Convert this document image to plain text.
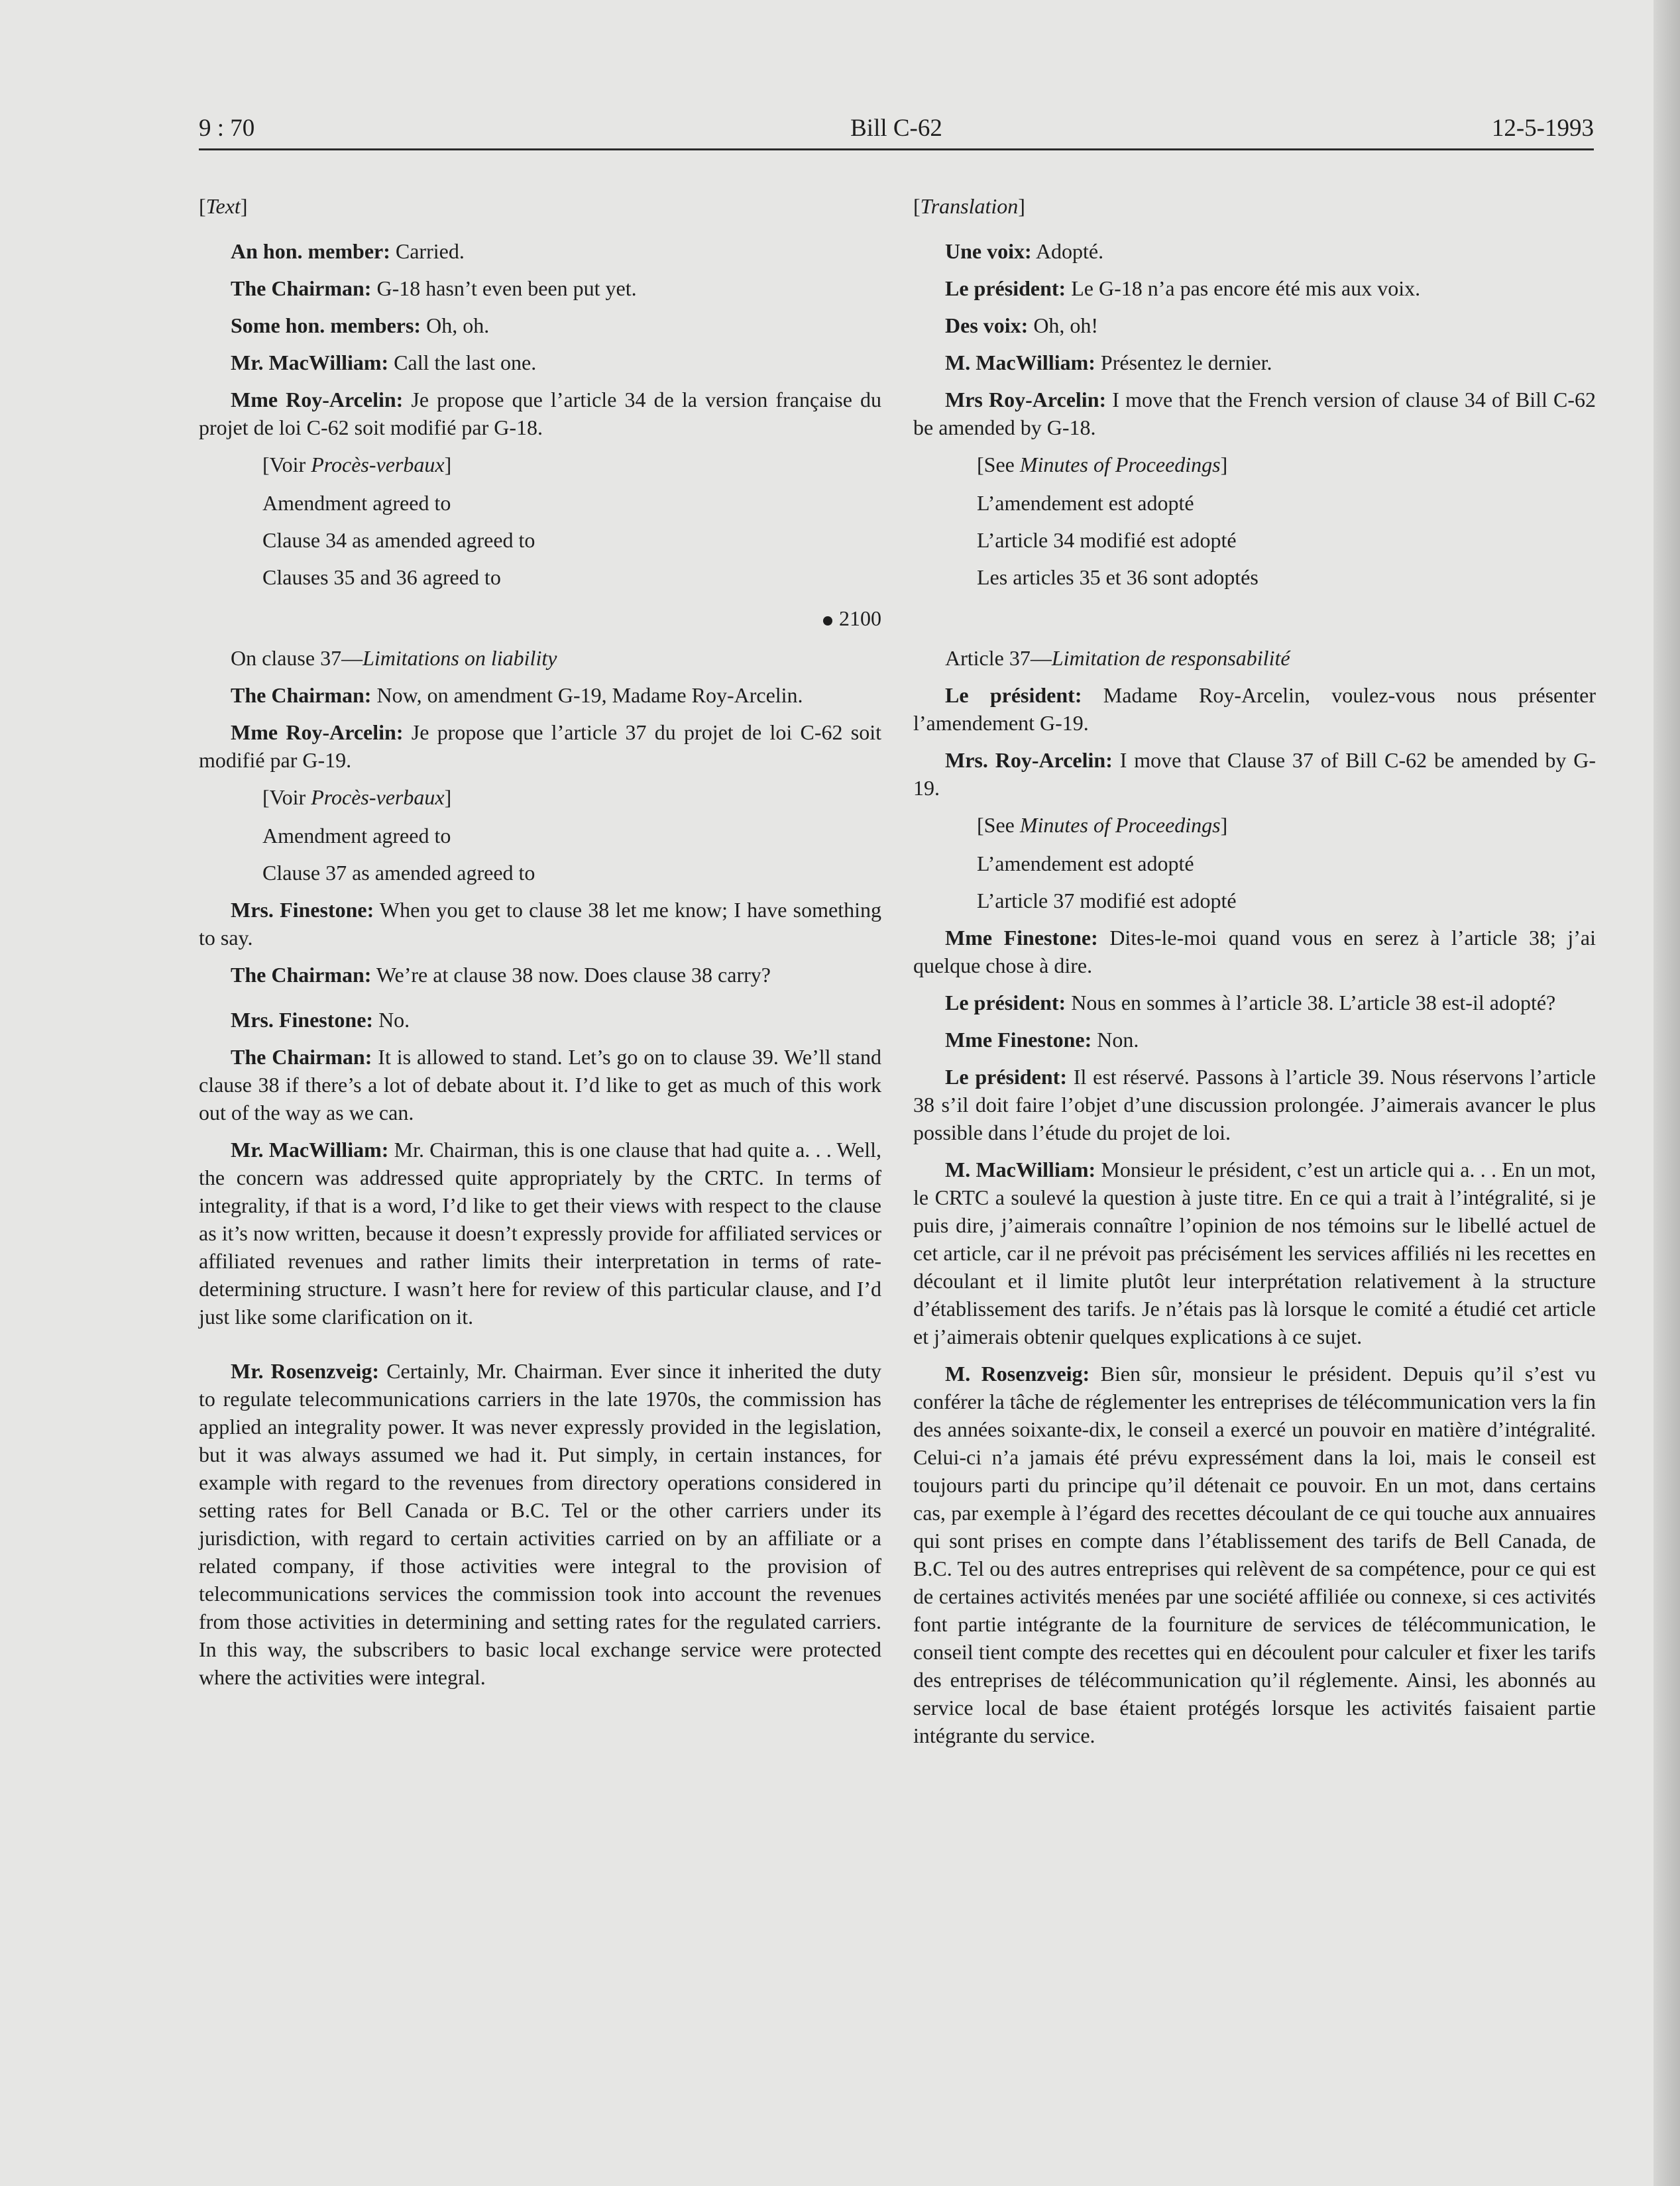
9 : 70	Bill C-62	12-5-1993

[Text]

An hon. member: Carried.

The Chairman: G-18 hasn’t even been put yet.

Some hon. members: Oh, oh.

Mr. MacWilliam: Call the last one.

Mme Roy-Arcelin: Je propose que l’article 34 de la version française du projet de loi C-62 soit modifié par G-18.

[Voir Procès-verbaux]

Amendment agreed to

Clause 34 as amended agreed to

Clauses 35 and 36 agreed to

2100

On clause 37—Limitations on liability

The Chairman: Now, on amendment G-19, Madame Roy-Arcelin.

Mme Roy-Arcelin: Je propose que l’article 37 du projet de loi C-62 soit modifié par G-19.

[Voir Procès-verbaux]

Amendment agreed to

Clause 37 as amended agreed to

Mrs. Finestone: When you get to clause 38 let me know; I have something to say.

The Chairman: We’re at clause 38 now. Does clause 38 carry?

Mrs. Finestone: No.

The Chairman: It is allowed to stand. Let’s go on to clause 39. We’ll stand clause 38 if there’s a lot of debate about it. I’d like to get as much of this work out of the way as we can.

Mr. MacWilliam: Mr. Chairman, this is one clause that had quite a. . . Well, the concern was addressed quite appropriately by the CRTC. In terms of integrality, if that is a word, I’d like to get their views with respect to the clause as it’s now written, because it doesn’t expressly provide for affiliated services or affiliated revenues and rather limits their interpretation in terms of rate-determining structure. I wasn’t here for review of this particular clause, and I’d just like some clarification on it.

Mr. Rosenzveig: Certainly, Mr. Chairman. Ever since it inherited the duty to regulate telecommunications carriers in the late 1970s, the commission has applied an integrality power. It was never expressly provided in the legislation, but it was always assumed we had it. Put simply, in certain instances, for example with regard to the revenues from directory operations considered in setting rates for Bell Canada or B.C. Tel or the other carriers under its jurisdiction, with regard to certain activities carried on by an affiliate or a related company, if those activities were integral to the provision of telecommunications services the commission took into account the revenues from those activities in determining and setting rates for the regulated carriers. In this way, the subscribers to basic local exchange service were protected where the activities were integral.

[Translation]

Une voix: Adopté.

Le président: Le G-18 n’a pas encore été mis aux voix.

Des voix: Oh, oh!

M. MacWilliam: Présentez le dernier.

Mrs Roy-Arcelin: I move that the French version of clause 34 of Bill C-62 be amended by G-18.

[See Minutes of Proceedings]

L’amendement est adopté

L’article 34 modifié est adopté

Les articles 35 et 36 sont adoptés

Article 37—Limitation de responsabilité

Le président: Madame Roy-Arcelin, voulez-vous nous présenter l’amendement G-19.

Mrs. Roy-Arcelin: I move that Clause 37 of Bill C-62 be amended by G-19.

[See Minutes of Proceedings]

L’amendement est adopté

L’article 37 modifié est adopté

Mme Finestone: Dites-le-moi quand vous en serez à l’article 38; j’ai quelque chose à dire.

Le président: Nous en sommes à l’article 38. L’article 38 est-il adopté?

Mme Finestone: Non.

Le président: Il est réservé. Passons à l’article 39. Nous réservons l’article 38 s’il doit faire l’objet d’une discussion prolongée. J’aimerais avancer le plus possible dans l’étude du projet de loi.

M. MacWilliam: Monsieur le président, c’est un article qui a. . . En un mot, le CRTC a soulevé la question à juste titre. En ce qui a trait à l’intégralité, si je puis dire, j’aimerais connaître l’opinion de nos témoins sur le libellé actuel de cet article, car il ne prévoit pas précisément les services affiliés ni les recettes en découlant et il limite plutôt leur interprétation relativement à la structure d’établissement des tarifs. Je n’étais pas là lorsque le comité a étudié cet article et j’aimerais obtenir quelques explications à ce sujet.

M. Rosenzveig: Bien sûr, monsieur le président. Depuis qu’il s’est vu conférer la tâche de réglementer les entreprises de télécommunication vers la fin des années soixante-dix, le conseil a exercé un pouvoir en matière d’intégralité. Celui-ci n’a jamais été prévu expressément dans la loi, mais le conseil est toujours parti du principe qu’il détenait ce pouvoir. En un mot, dans certains cas, par exemple à l’égard des recettes découlant de ce qui touche aux annuaires qui sont prises en compte dans l’établissement des tarifs de Bell Canada, de B.C. Tel ou des autres entreprises qui relèvent de sa compétence, pour ce qui est de certaines activités menées par une société affiliée ou connexe, si ces activités font partie intégrante de la fourniture de services de télécommunication, le conseil tient compte des recettes qui en découlent pour calculer et fixer les tarifs des entreprises de télécommunication qu’il réglemente. Ainsi, les abonnés au service local de base étaient protégés lorsque les activités faisaient partie intégrante du service.
